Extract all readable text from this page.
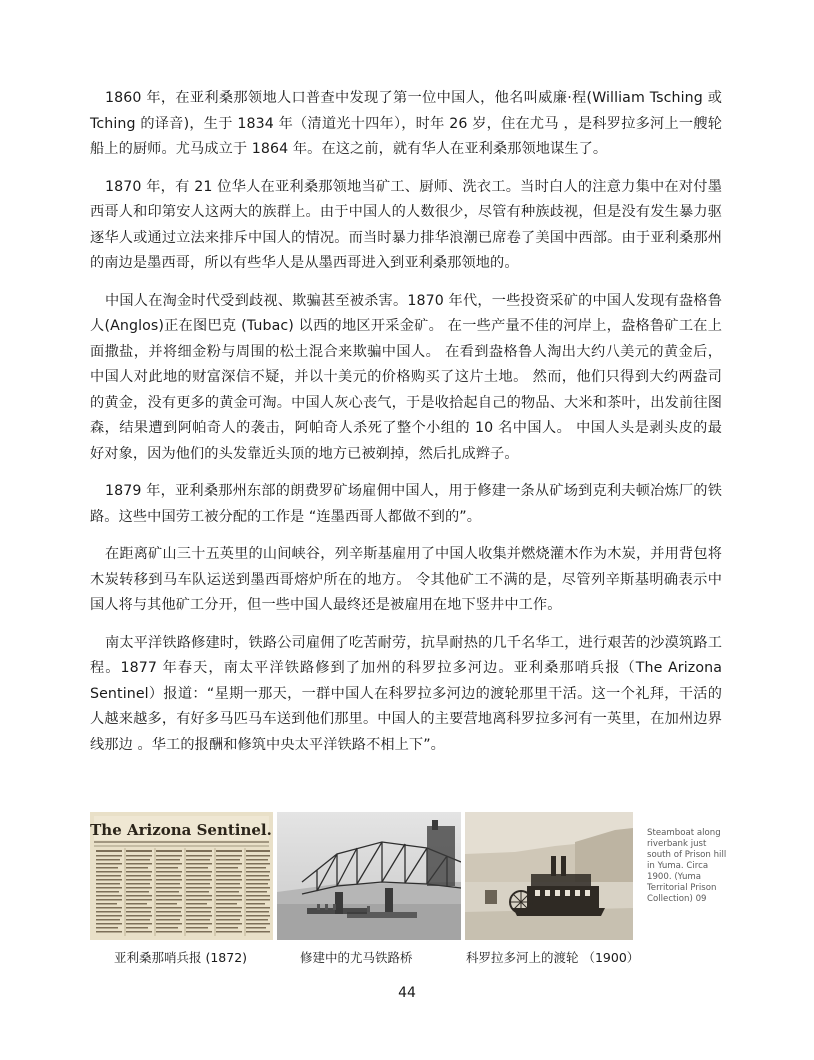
1860 年，在亚利桑那领地人口普查中发现了第一位中国人，他名叫威廉·程(William Tsching 或 Tching 的译音)，生于 1834 年（清道光十四年），时年 26 岁，住在尤马 ，是科罗拉多河上一艘轮船上的厨师。尤马成立于 1864 年。在这之前，就有华人在亚利桑那领地谋生了。

1870 年，有 21 位华人在亚利桑那领地当矿工、厨师、洗衣工。当时白人的注意力集中在对付墨西哥人和印第安人这两大的族群上。由于中国人的人数很少，尽管有种族歧视，但是没有发生暴力驱逐华人或通过立法来排斥中国人的情况。而当时暴力排华浪潮已席卷了美国中西部。由于亚利桑那州的南边是墨西哥，所以有些华人是从墨西哥进入到亚利桑那领地的。

中国人在淘金时代受到歧视、欺骗甚至被杀害。1870 年代，一些投资采矿的中国人发现有盎格鲁人(Anglos)正在图巴克 (Tubac) 以西的地区开采金矿。 在一些产量不佳的河岸上，盎格鲁矿工在上面撒盐，并将细金粉与周围的松土混合来欺骗中国人。 在看到盎格鲁人淘出大约八美元的黄金后，中国人对此地的财富深信不疑，并以十美元的价格购买了这片土地。 然而，他们只得到大约两盎司的黄金，没有更多的黄金可淘。中国人灰心丧气，于是收拾起自己的物品、大米和茶叶，出发前往图森，结果遭到阿帕奇人的袭击，阿帕奇人杀死了整个小组的 10 名中国人。 中国人头是剥头皮的最好对象，因为他们的头发靠近头顶的地方已被剃掉，然后扎成辫子。

1879 年，亚利桑那州东部的朗费罗矿场雇佣中国人，用于修建一条从矿场到克利夫顿冶炼厂的铁路。这些中国劳工被分配的工作是 “连墨西哥人都做不到的”。

在距离矿山三十五英里的山间峡谷，列辛斯基雇用了中国人收集并燃烧灌木作为木炭，并用背包将木炭转移到马车队运送到墨西哥熔炉所在的地方。 令其他矿工不满的是，尽管列辛斯基明确表示中国人将与其他矿工分开，但一些中国人最终还是被雇用在地下竖井中工作。

南太平洋铁路修建时，铁路公司雇佣了吃苦耐劳，抗旱耐热的几千名华工，进行艰苦的沙漠筑路工程。1877 年春天，南太平洋铁路修到了加州的科罗拉多河边。亚利桑那哨兵报（The Arizona Sentinel）报道：“星期一那天，一群中国人在科罗拉多河边的渡轮那里干活。这一个礼拜，干活的人越来越多，有好多马匹马车送到他们那里。中国人的主要营地离科罗拉多河有一英里，在加州边界线那边 。华工的报酬和修筑中央太平洋铁路不相上下”。

The Arizona Sentinel.	Steamboat along riverbank just south of Prison hill in Yuma. Circa 1900. (Yuma Territorial Prison Collection) 09
亚利桑那哨兵报 (1872)	修建中的尤马铁路桥	科罗拉多河上的渡轮 （1900）
44
